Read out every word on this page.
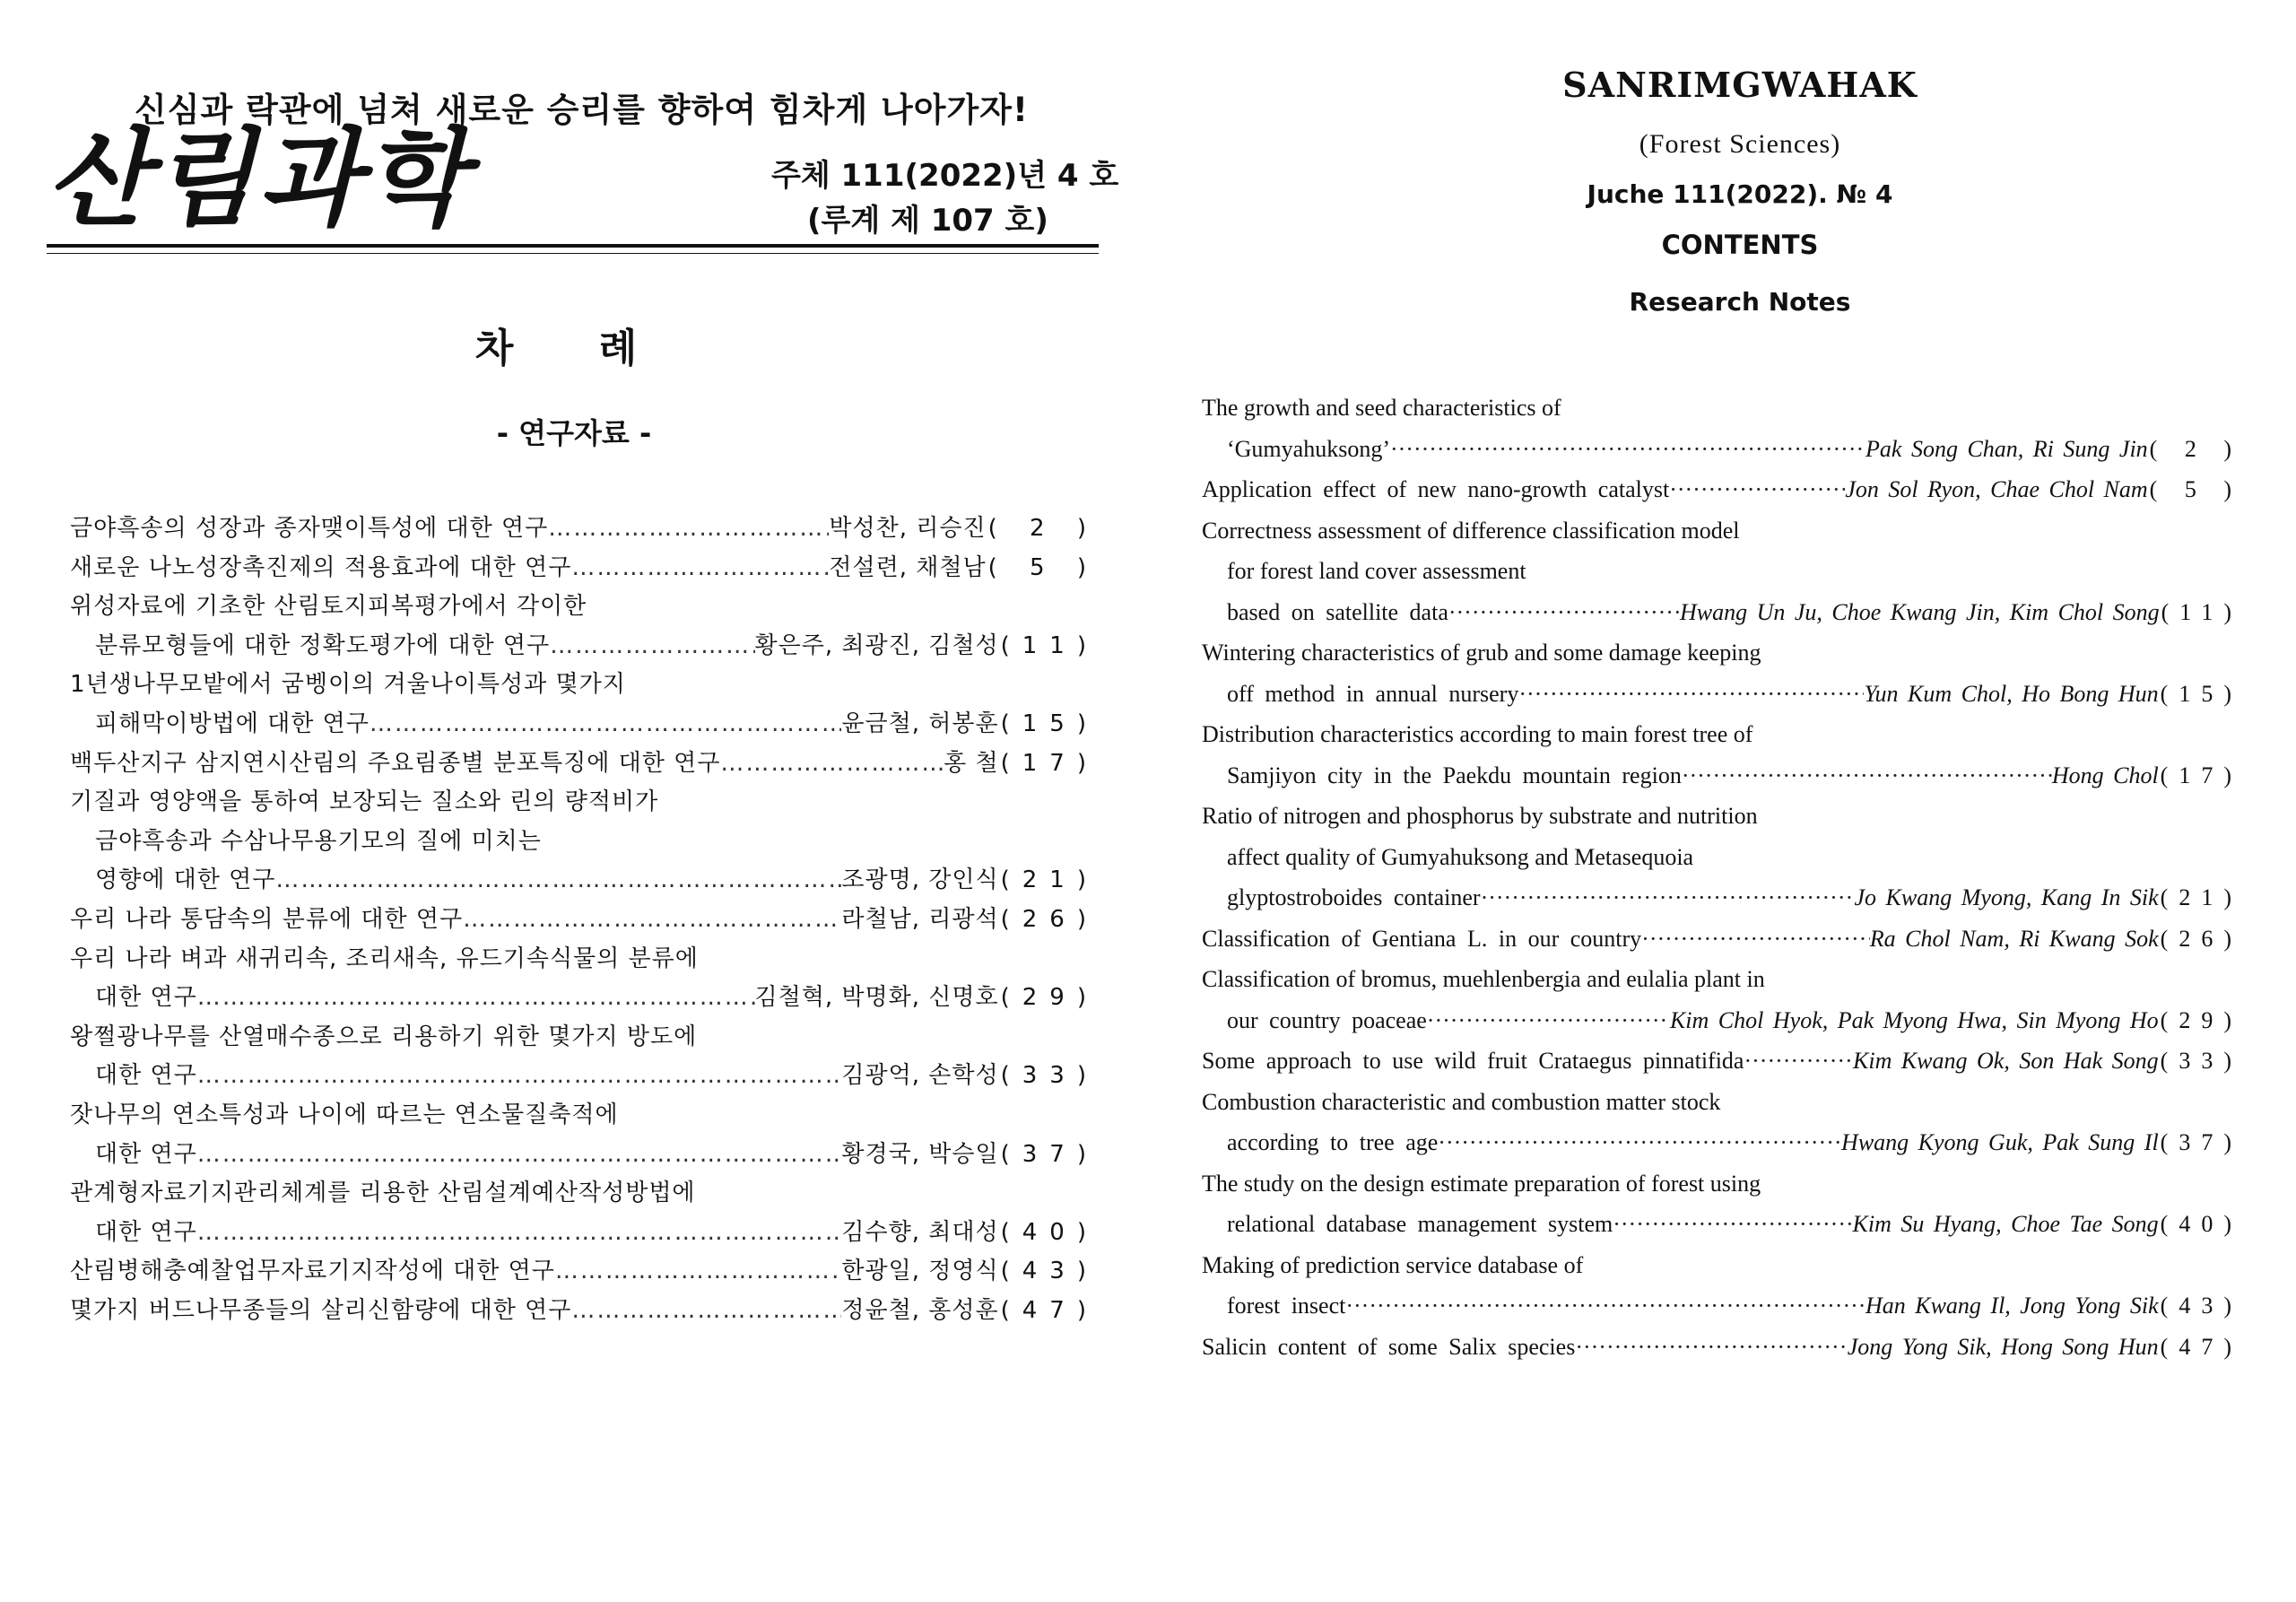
신심과 락관에 넘쳐 새로운 승리를 향하여 힘차게 나아가자!
산림과학	주체 111(2022)년 4 호
(루계 제 107 호)
차 례
- 연구자료 -
금야흑송의 성장과 종자맺이특성에 대한 연구 …………………………………………………………………………………………………………………………………………………………………………………………	박성찬, 리승진 ( 2 )
새로운 나노성장촉진제의 적용효과에 대한 연구 …………………………………………………………………………………………………………………………………………………………………………………………	전설련, 채철남 ( 5 )
위성자료에 기초한 산림토지피복평가에서 각이한
분류모형들에 대한 정확도평가에 대한 연구 …………………………………………………………………………………………………………………………………………………………………………………………	황은주, 최광진, 김철성 (11)
1년생나무모밭에서 굼벵이의 겨울나이특성과 몇가지
피해막이방법에 대한 연구 …………………………………………………………………………………………………………………………………………………………………………………………	윤금철, 허봉훈 (15)
백두산지구 삼지연시산림의 주요림종별 분포특징에 대한 연구 …………………………………………………………………………………………………………………………………………………………………………………………	홍 철 (17)
기질과 영양액을 통하여 보장되는 질소와 린의 량적비가
금야흑송과 수삼나무용기모의 질에 미치는
영향에 대한 연구 …………………………………………………………………………………………………………………………………………………………………………………………	조광명, 강인식 (21)
우리 나라 통담속의 분류에 대한 연구 …………………………………………………………………………………………………………………………………………………………………………………………	라철남, 리광석 (26)
우리 나라 벼과 새귀리속, 조리새속, 유드기속식물의 분류에
대한 연구 …………………………………………………………………………………………………………………………………………………………………………………………	김철혁, 박명화, 신명호 (29)
왕쩔광나무를 산열매수종으로 리용하기 위한 몇가지 방도에
대한 연구 …………………………………………………………………………………………………………………………………………………………………………………………	김광억, 손학성 (33)
잣나무의 연소특성과 나이에 따르는 연소물질축적에
대한 연구 …………………………………………………………………………………………………………………………………………………………………………………………	황경국, 박승일 (37)
관계형자료기지관리체계를 리용한 산림설계예산작성방법에
대한 연구 …………………………………………………………………………………………………………………………………………………………………………………………	김수향, 최대성 (40)
산림병해충예찰업무자료기지작성에 대한 연구 …………………………………………………………………………………………………………………………………………………………………………………………	한광일, 정영식 (43)
몇가지 버드나무종들의 살리신함량에 대한 연구 …………………………………………………………………………………………………………………………………………………………………………………………	정윤철, 홍성훈 (47)
SANRIMGWAHAK
(Forest Sciences)
Juche 111(2022). № 4
CONTENTS
Research Notes
The growth and seed characteristics of
‘Gumyahuksong’ ·····	Pak Song Chan, Ri Sung Jin ( 2 )
Application effect of new nano-growth catalyst ·····	Jon Sol Ryon, Chae Chol Nam ( 5 )
Correctness assessment of difference classification model
for forest land cover assessment
based on satellite data ·····	Hwang Un Ju, Choe Kwang Jin, Kim Chol Song (11)
Wintering characteristics of grub and some damage keeping
off method in annual nursery ·····	Yun Kum Chol, Ho Bong Hun (15)
Distribution characteristics according to main forest tree of
Samjiyon city in the Paekdu mountain region ·····	Hong Chol (17)
Ratio of nitrogen and phosphorus by substrate and nutrition
affect quality of Gumyahuksong and Metasequoia
glyptostroboides container ·····	Jo Kwang Myong, Kang In Sik (21)
Classification of Gentiana L. in our country ·····	Ra Chol Nam, Ri Kwang Sok (26)
Classification of bromus, muehlenbergia and eulalia plant in
our country poaceae ·····	Kim Chol Hyok, Pak Myong Hwa, Sin Myong Ho (29)
Some approach to use wild fruit Crataegus pinnatifida ·····	Kim Kwang Ok, Son Hak Song (33)
Combustion characteristic and combustion matter stock
according to tree age ·····	Hwang Kyong Guk, Pak Sung Il (37)
The study on the design estimate preparation of forest using
relational database management system ·····	Kim Su Hyang, Choe Tae Song (40)
Making of prediction service database of
forest insect ·····	Han Kwang Il, Jong Yong Sik (43)
Salicin content of some Salix species ·····	Jong Yong Sik, Hong Song Hun (47)
